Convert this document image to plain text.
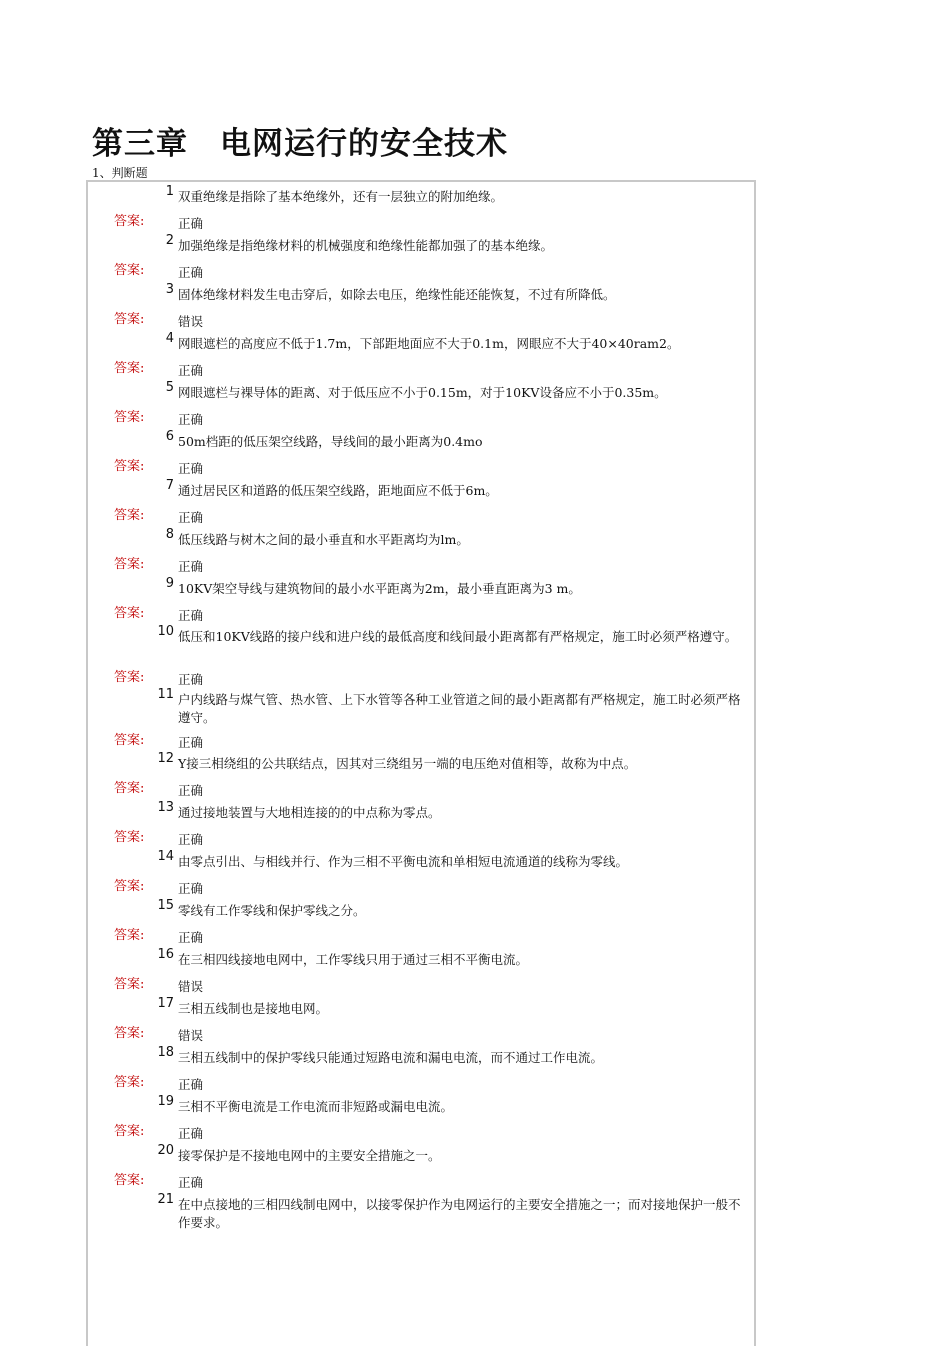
第三章　电网运行的安全技术
1、判断题
1 双重绝缘是指除了基本绝缘外，还有一层独立的附加绝缘。
答案:	正确
2 加强绝缘是指绝缘材料的机械强度和绝缘性能都加强了的基本绝缘。
答案:	正确
3 固体绝缘材料发生电击穿后，如除去电压，绝缘性能还能恢复，不过有所降低。
答案:	错误
4 网眼遮栏的高度应不低于1.7m，下部距地面应不大于0.1m，网眼应不大于40×40ram2。
答案:	正确
5 网眼遮栏与裸导体的距离、对于低压应不小于0.15m，对于10KV设备应不小于0.35m。
答案:	正确
6 50m档距的低压架空线路，导线间的最小距离为0.4mo
答案:	正确
7 通过居民区和道路的低压架空线路，距地面应不低于6m。
答案:	正确
8 低压线路与树木之间的最小垂直和水平距离均为lm。
答案:	正确
9 10KV架空导线与建筑物间的最小水平距离为2m，最小垂直距离为3 m。
答案:	正确
10 低压和10KV线路的接户线和进户线的最低高度和线间最小距离都有严格规定，施工时必须严格遵守。
答案:	正确
11 户内线路与煤气管、热水管、上下水管等各种工业管道之间的最小距离都有严格规定，施工时必须严格遵守。
答案:	正确
12 Y接三相绕组的公共联结点，因其对三绕组另一端的电压绝对值相等，故称为中点。
答案:	正确
13 通过接地装置与大地相连接的的中点称为零点。
答案:	正确
14 由零点引出、与相线并行、作为三相不平衡电流和单相短电流通道的线称为零线。
答案:	正确
15 零线有工作零线和保护零线之分。
答案:	正确
16 在三相四线接地电网中，工作零线只用于通过三相不平衡电流。
答案:	错误
17 三相五线制也是接地电网。
答案:	错误
18 三相五线制中的保护零线只能通过短路电流和漏电电流，而不通过工作电流。
答案:	正确
19 三相不平衡电流是工作电流而非短路或漏电电流。
答案:	正确
20 接零保护是不接地电网中的主要安全措施之一。
答案:	正确
21 在中点接地的三相四线制电网中，以接零保护作为电网运行的主要安全措施之一；而对接地保护一般不作要求。
